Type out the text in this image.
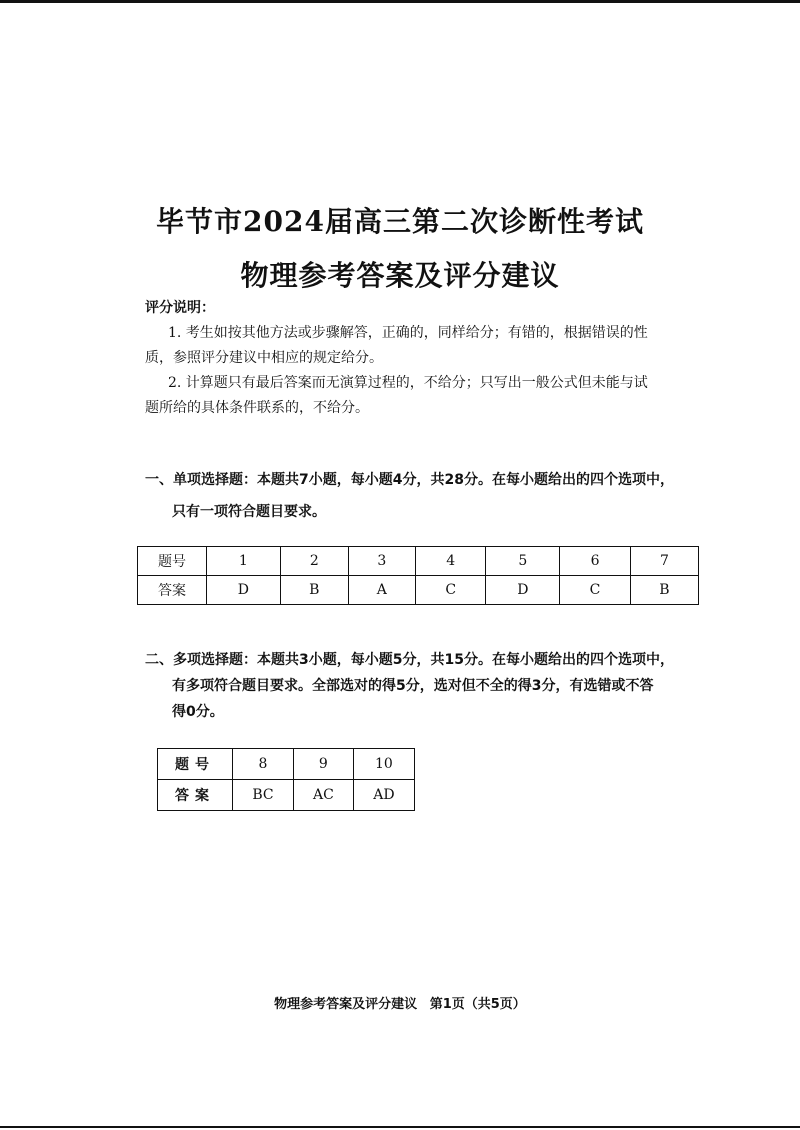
毕节市2024届高三第二次诊断性考试
物理参考答案及评分建议
评分说明：
1. 考生如按其他方法或步骤解答，正确的，同样给分；有错的，根据错误的性
质，参照评分建议中相应的规定给分。
2. 计算题只有最后答案而无演算过程的，不给分；只写出一般公式但未能与试
题所给的具体条件联系的，不给分。
一、单项选择题：本题共7小题，每小题4分，共28分。在每小题给出的四个选项中，
只有一项符合题目要求。
题号	1	2	3	4	5	6	7
答案	D	B	A	C	D	C	B
二、多项选择题：本题共3小题，每小题5分，共15分。在每小题给出的四个选项中，
有多项符合题目要求。全部选对的得5分，选对但不全的得3分，有选错或不答
得0分。
题号	8	9	10
答案	BC	AC	AD
物理参考答案及评分建议 第1页（共5页）
